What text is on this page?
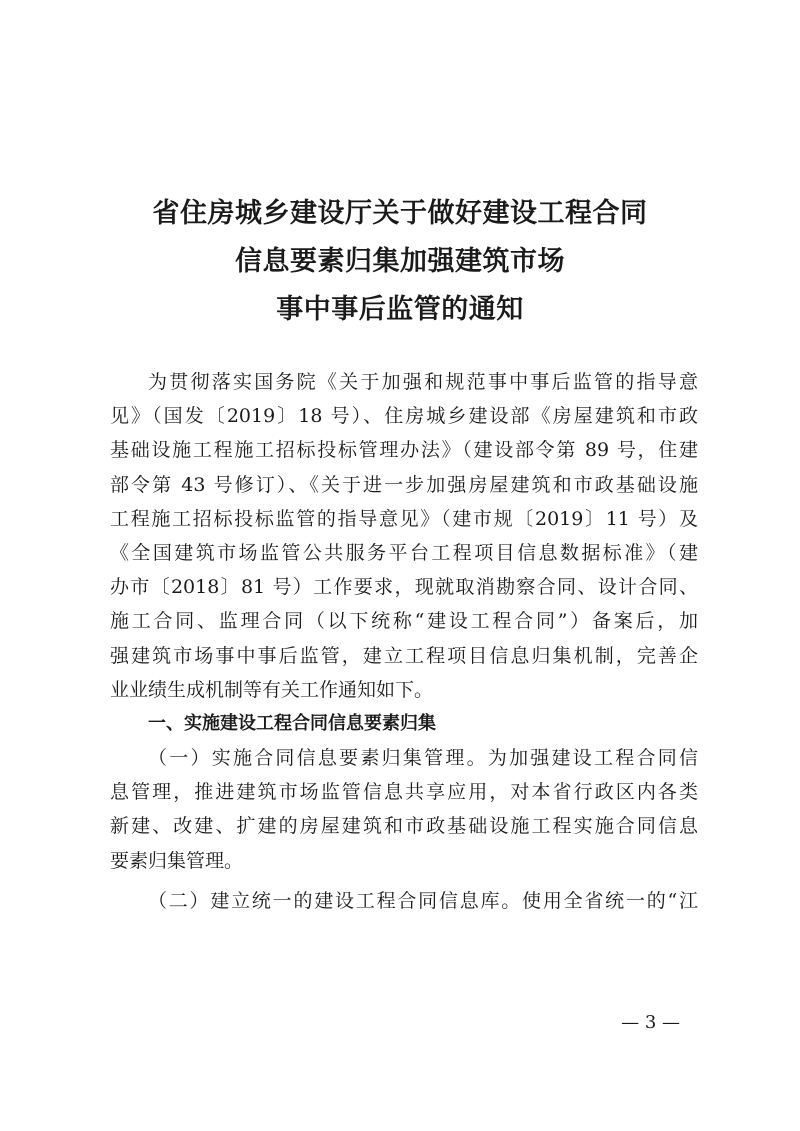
省住房城乡建设厅关于做好建设工程合同
信息要素归集加强建筑市场
事中事后监管的通知
为贯彻落实国务院《关于加强和规范事中事后监管的指导意
见》（国发〔2019〕18 号）、住房城乡建设部《房屋建筑和市政
基础设施工程施工招标投标管理办法》（建设部令第 89 号，住建
部令第 43 号修订）、《关于进一步加强房屋建筑和市政基础设施
工程施工招标投标监管的指导意见》（建市规〔2019〕11 号）及
《全国建筑市场监管公共服务平台工程项目信息数据标准》（建
办市〔2018〕81 号）工作要求，现就取消勘察合同、设计合同、
施工合同、监理合同（以下统称“建设工程合同”）备案后，加
强建筑市场事中事后监管，建立工程项目信息归集机制，完善企
业业绩生成机制等有关工作通知如下。
一、实施建设工程合同信息要素归集
（一）实施合同信息要素归集管理。为加强建设工程合同信
息管理，推进建筑市场监管信息共享应用，对本省行政区内各类
新建、改建、扩建的房屋建筑和市政基础设施工程实施合同信息
要素归集管理。
（二）建立统一的建设工程合同信息库。使用全省统一的“江
— 3 —
